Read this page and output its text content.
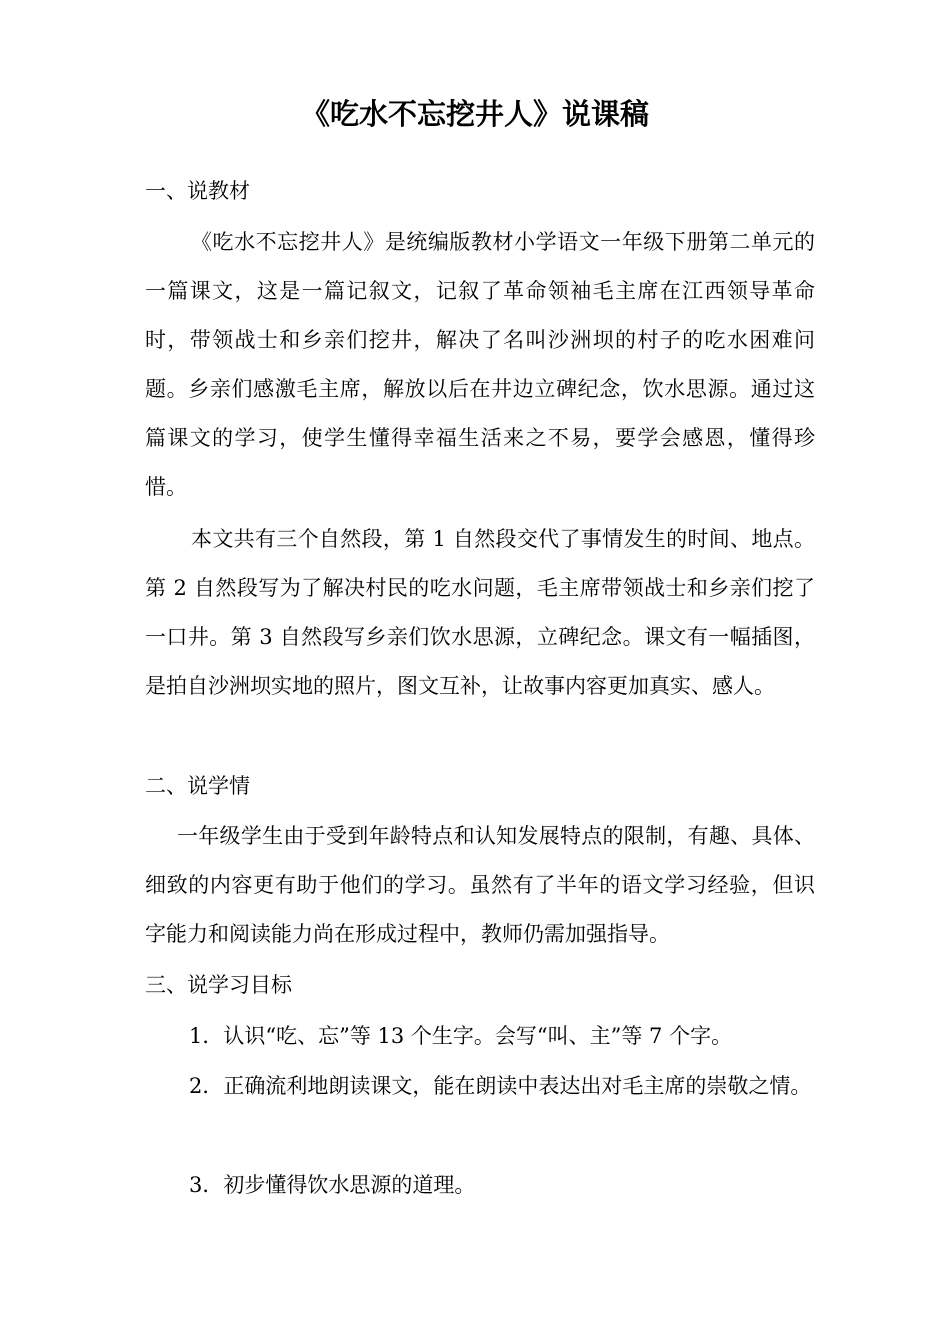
《吃水不忘挖井人》说课稿

一、说教材

《吃水不忘挖井人》是统编版教材小学语文一年级下册第二单元的一篇课文，这是一篇记叙文，记叙了革命领袖毛主席在江西领导革命时，带领战士和乡亲们挖井，解决了名叫沙洲坝的村子的吃水困难问题。乡亲们感激毛主席，解放以后在井边立碑纪念，饮水思源。通过这篇课文的学习，使学生懂得幸福生活来之不易，要学会感恩，懂得珍惜。

本文共有三个自然段，第 1 自然段交代了事情发生的时间、地点。第 2 自然段写为了解决村民的吃水问题，毛主席带领战士和乡亲们挖了一口井。第 3 自然段写乡亲们饮水思源，立碑纪念。课文有一幅插图，是拍自沙洲坝实地的照片，图文互补，让故事内容更加真实、感人。

二、说学情

一年级学生由于受到年龄特点和认知发展特点的限制，有趣、具体、细致的内容更有助于他们的学习。虽然有了半年的语文学习经验，但识字能力和阅读能力尚在形成过程中，教师仍需加强指导。

三、说学习目标

1．认识“吃、忘”等 13 个生字。会写“叫、主”等 7 个字。

2．正确流利地朗读课文，能在朗读中表达出对毛主席的崇敬之情。

3．初步懂得饮水思源的道理。
